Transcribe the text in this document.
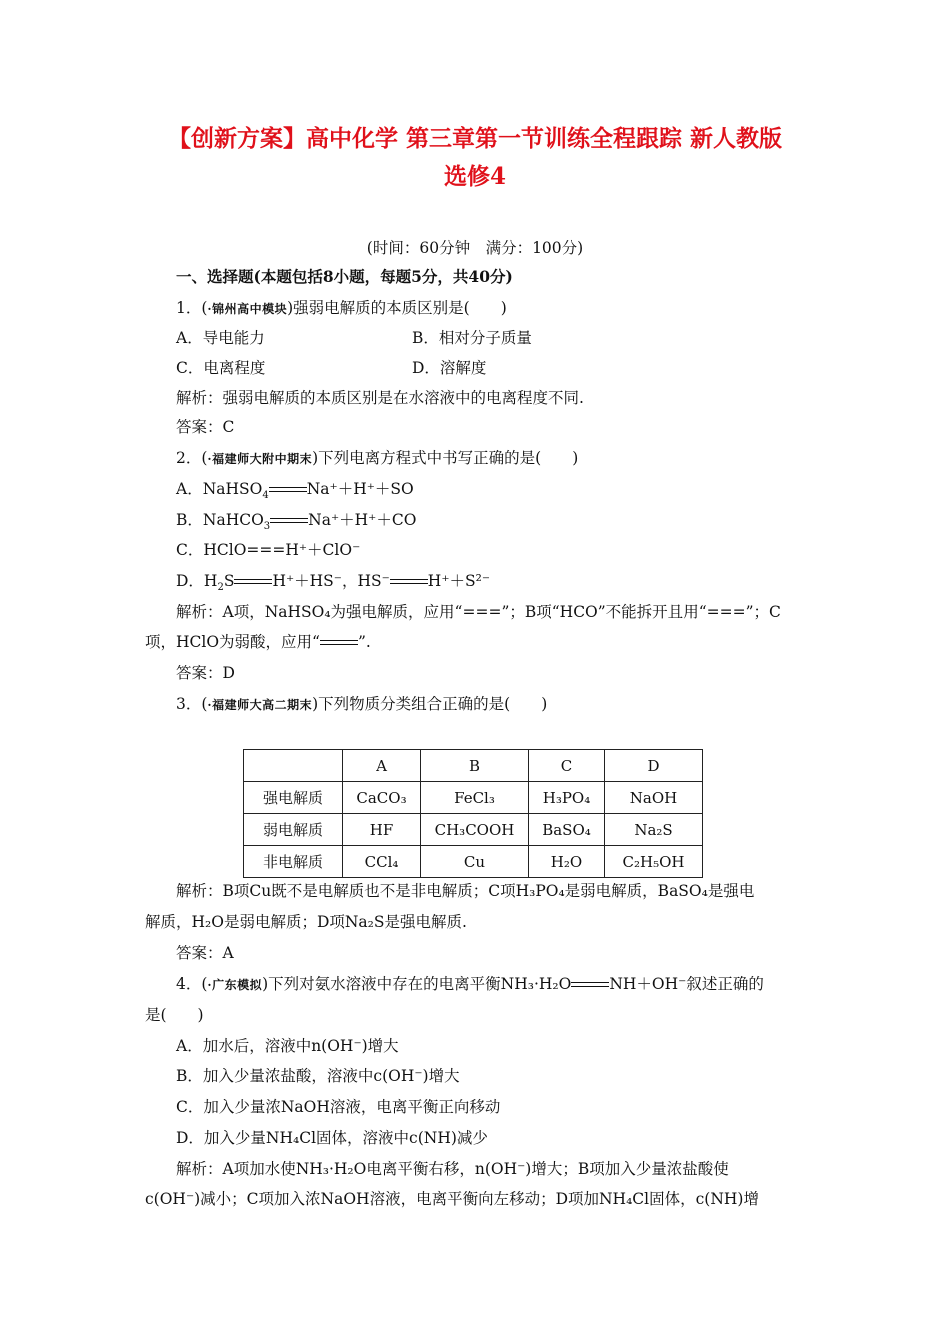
【创新方案】高中化学 第三章第一节训练全程跟踪 新人教版
选修4
(时间：60分钟　满分：100分)
一、选择题(本题包括8小题，每题5分，共40分)
1．(·锦州高中模块)强弱电解质的本质区别是(　　)
A．导电能力	B．相对分子质量
C．电离程度	D．溶解度
解析：强弱电解质的本质区别是在水溶液中的电离程度不同.
答案：C
2．(·福建师大附中期末)下列电离方程式中书写正确的是(　　)
A．NaHSO$_4$ Na⁺＋H⁺＋SO
B．NaHCO$_3$ Na⁺＋H⁺＋CO
C．HClO===H⁺＋ClO⁻
D．$H_2S$ H⁺＋HS⁻，HS⁻ H⁺＋S²⁻
解析：A项，NaHSO₄为强电解质，应用“===”；B项“HCO”不能拆开且用“===”；C
项，HClO为弱酸，应用“ ”.
答案：D
3．(·福建师大高二期末)下列物质分类组合正确的是(　　)
	A	B	C	D
强电解质	CaCO₃	FeCl₃	H₃PO₄	NaOH
弱电解质	HF	CH₃COOH	BaSO₄	Na₂S
非电解质	CCl₄	Cu	H₂O	C₂H₅OH
解析：B项Cu既不是电解质也不是非电解质；C项H₃PO₄是弱电解质，BaSO₄是强电
解质，H₂O是弱电解质；D项Na₂S是强电解质.
答案：A
4．(·广东模拟)下列对氨水溶液中存在的电离平衡NH₃·H₂O NH＋OH⁻叙述正确的
是(　　)
A．加水后，溶液中n(OH⁻)增大
B．加入少量浓盐酸，溶液中c(OH⁻)增大
C．加入少量浓NaOH溶液，电离平衡正向移动
D．加入少量NH₄Cl固体，溶液中c(NH)减少
解析：A项加水使NH₃·H₂O电离平衡右移，n(OH⁻)增大；B项加入少量浓盐酸使
c(OH⁻)减小；C项加入浓NaOH溶液，电离平衡向左移动；D项加NH₄Cl固体，c(NH)增
